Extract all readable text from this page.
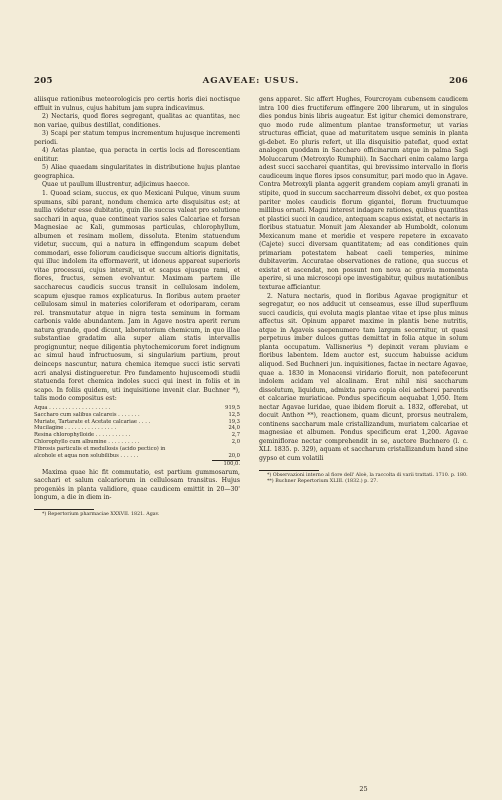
205	AGAVEAE: USUS.	206

aliisque rationibus meteorologicis pro certis horis diei noctisque effluit in vulnus, cujus habitum jam supra indicavimus.

2) Nectaris, quod flores segregant, qualitas ac quantitas, nec non variae, quibus destillat, conditiones.

3) Scapi per statum tempus incrementum hujusque incrementi periodi.

4) Aetas plantae, qua peracta in certis locis ad florescentiam enititur.

5) Aliae quaedam singularitates in distributione hujus plantae geographica.

Quae ut paullum illustrentur, adjicimus haecce.

1. Quoad sciam, succus, ex quo Mexicani Pulque, vinum suum spumans, sibi parant, nondum chemica arte disquisitus est; at nullia videtur esse dubitatio, quin ille succus valeat pro solutione sacchari in aqua, quae contineat varios sales Calcariae et forsan Magnesiae ac Kali, gummosas particulas, chlorophyllum, albumen et resinam mollem, dissoluta. Etenim statuendum videtur, succum, qui a natura in effingendum scapum debet commodari, esse foliorum caudicisque succum altioris dignitatis, qui illuc indolem ita efformaverit, ut idoneus appareat superioris vitae processui, cujus intersit, ut et scapus ejusque rami, et flores, fructus, semen evolvantur. Maximam partem ille saccharecus caudicis succus transit in cellulosam indolem, scapum ejusque ramos explicaturus. In floribus autem praeter cellulosam simul in materies coloriferam et odoriparam, ceram rel. transmutatur atque in nigra testa seminum in formam carbonis valde abundantem. Jam in Agave nostra aperit rerum natura grande, quod dicunt, laboratorium chemicum, in quo illae substantiae gradatim alia super aliam statis intervallis progignuntur, neque diligentia phytochemicorum foret indignum ac simul haud infructuosum, si singularium partium, prout deinceps nascuntur, natura chemica itemque succi istic servati acri analysi distingueretur. Pro fundamento hujuscemodi studii statuenda foret chemica indoles succi qui inest in foliis et in scapo. In foliis quidem, uti inquisitione invenit clar. Buchner *), talis modo compositus est:

Aqua . . . . . . . . . . . . . . . . . . .	919,5
Saccharo cum salibus calcareis . . . . . . .	12,5
Muriate, Tartarate et Acetate calcariae . . . .	19,3
Mucilagine . . . . . . . . . . . . . . . .	24,0
Resina chlorophylloide . . . . . . . . . . .	2,7
Chlorophyllo cum albumine . . . . . . . . . .	2,0
Fibrosis particulis et medullosis (acido pectico) in
alcohole et aqua non solubilibus . . . . . .	20,0
100,0.

Maxima quae hic fit commutatio, est partium gummosarum, sacchari et salum calcariorum in cellulosam transitus. Hujus progeniès in planta validiore, quae caudicem emittit in 20—30' longum, a die in diem in-

*) Repertorium pharmaciae XXXVII. 1821. Agav.

gens apparet. Sic affert Hughes, Fourcroyam cubensem caudicem intra 100 dies fructiferum effingere 200 librarum, ut in singulos dies pondus binis libris augeatur. Est igitur chemici demonstrare, quo modo rude alimentum plantae transformetur, ut varias structuras efficiat, quae ad maturitatem usque seminis in planta gi-debet. Eo pluris refert, ut illa disquisitio patefiat, quod extat analogon quoddam in Saccharo officinarum atque in palma Sagi Moluccarum (Metroxylo Rumphii). In Sacchari enim calamo larga adest succi saccharei quantitas, qui brevissimo intervallo in floris caudiceum inque flores ipsos consumitur, pari modo quo in Agave. Contra Metroxyli planta aggerit grandem copiam amyli granati in stipite, quod in succum saccharreum dissolvi debet, ex quo postea pariter moles caudicis florum gigantei, florum fructuumque millibus ornati. Magni interest indagare rationes, quibus quantitas et plastici succi in caudice, antequam scapus existat, et nectaris in floribus statuatur. Monuit jam Alexander ab Humboldt, colonum Mexicanum mane et meridie et vespere repetere in excavato (Cajete) succi diversam quantitatem; ad eas conditiones quin primariam potestatem habeat caeli temperies, minime dubitaverim. Accuratae observationes de ratione, qua succus et existat et ascendat, non possunt non nova ac gravia momenta aperire, si una microscopi ope investigabitur, quibus mutationibus texturae afficiantur.

2. Natura nectaris, quod in floribus Agavae progignitur et segregatur, eo nos adducit ut censeamus, esse illud superfluum succi caudicis, qui evoluta magis plantae vitae et ipse plus minus affectus sit. Opinum apparet maxime in plantis bene nutritis, atque in Agaveis saepenumero tam largum secernitur, ut quasi perpetuus imber dulces guttas demittat in folia atque in solum planta occupatum. Vallisnerius *) depinxit veram pluviam e floribus labentem. Idem auctor est, succum habuisse acidum aliquod. Sed Buchneri jun. inquisitiones, factae in nectare Agavae, quae a. 1830 in Monacensi viridario floruit, non patefecerunt indolem acidam vel alcalinam. Erat nihil nisi saccharum dissolutum, liquidum, admixta parva copia olei aetherei parentis et calcariae muriaticae. Pondus specificum aequabat 1,050. Item nectar Agavae luridae, quae ibidem floruit a. 1832, offerebat, ut docuit Anthon **), reactionem, quam dicunt, prorsus neutralem, continens saccharum male cristallizandum, muriatem calcariae et magnesiae et albumen. Pondus specificum erat 1,200. Agavae geminiflorae nectar comprehendit in se, auctore Buchnero (l. c. XLI. 1835. p. 329), aquam et saccharum cristallizandum hand sine gypso et cum volatili

*) Observazioni interno al fiore dell' Aloè, la raccolta di varii trattati. 1710. p. 180.

**) Buchner Repertorium XLIII. (1832.) p. 27.

25
